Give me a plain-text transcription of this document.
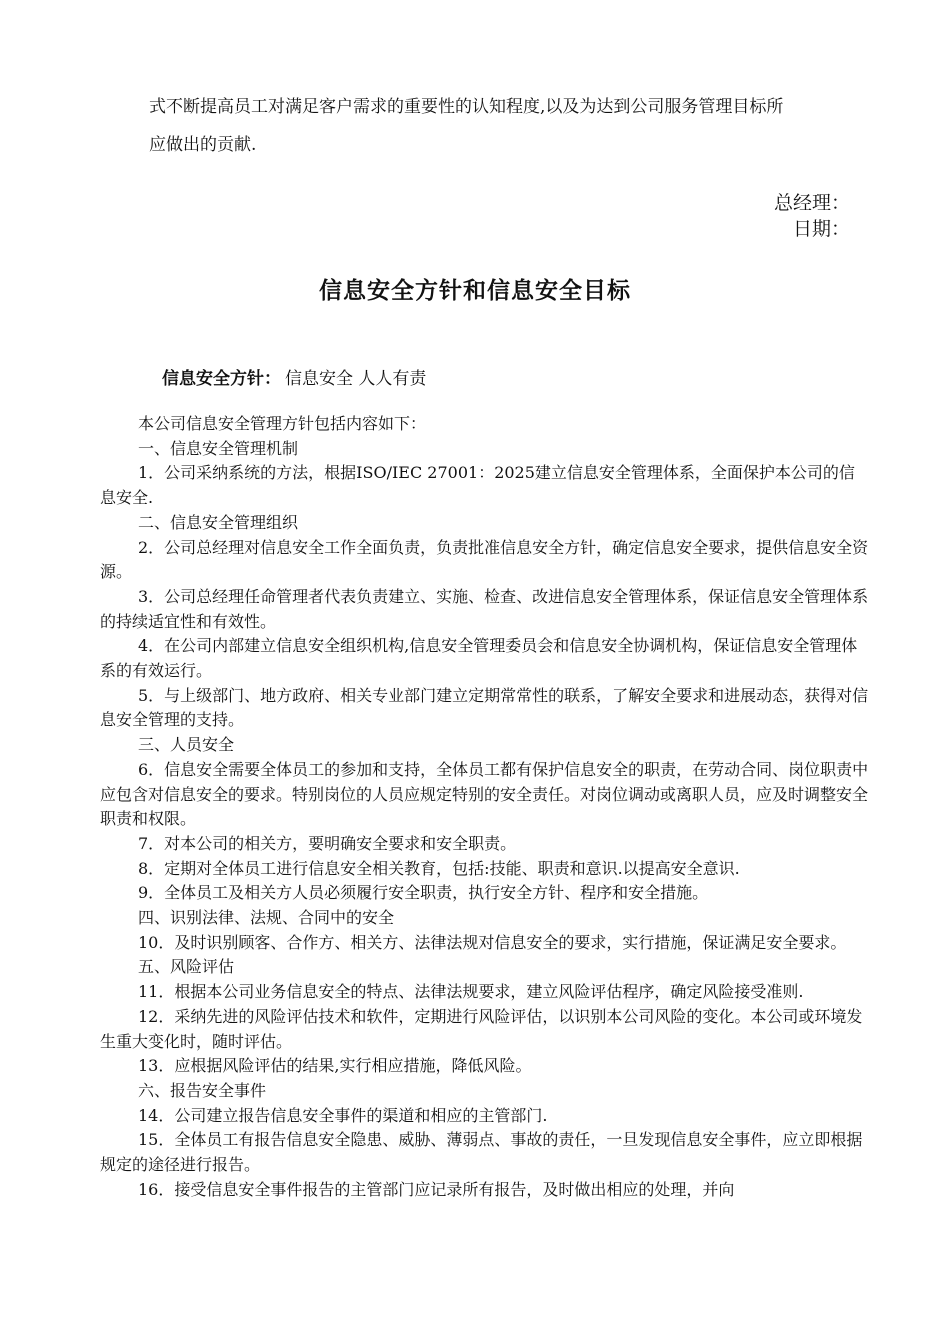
式不断提高员工对满足客户需求的重要性的认知程度,以及为达到公司服务管理目标所

应做出的贡献.

总经理：
日期：
信息安全方针和信息安全目标
信息安全方针： 信息安全 人人有责

本公司信息安全管理方针包括内容如下：

一、信息安全管理机制

1．公司采纳系统的方法，根据ISO/IEC 27001：2025建立信息安全管理体系，全面保护本公司的信息安全.

二、信息安全管理组织

2．公司总经理对信息安全工作全面负责，负责批准信息安全方针，确定信息安全要求，提供信息安全资源。

3．公司总经理任命管理者代表负责建立、实施、检查、改进信息安全管理体系，保证信息安全管理体系的持续适宜性和有效性。

4．在公司内部建立信息安全组织机构,信息安全管理委员会和信息安全协调机构，保证信息安全管理体系的有效运行。

5．与上级部门、地方政府、相关专业部门建立定期常常性的联系，了解安全要求和进展动态，获得对信息安全管理的支持。

三、人员安全

6．信息安全需要全体员工的参加和支持，全体员工都有保护信息安全的职责，在劳动合同、岗位职责中应包含对信息安全的要求。特别岗位的人员应规定特别的安全责任。对岗位调动或离职人员，应及时调整安全职责和权限。

7．对本公司的相关方，要明确安全要求和安全职责。

8．定期对全体员工进行信息安全相关教育，包括:技能、职责和意识.以提高安全意识.

9．全体员工及相关方人员必须履行安全职责，执行安全方针、程序和安全措施。

四、识别法律、法规、合同中的安全

10．及时识别顾客、合作方、相关方、法律法规对信息安全的要求，实行措施，保证满足安全要求。

五、风险评估

11．根据本公司业务信息安全的特点、法律法规要求，建立风险评估程序，确定风险接受准则.

12．采纳先进的风险评估技术和软件，定期进行风险评估，以识别本公司风险的变化。本公司或环境发生重大变化时，随时评估。

13．应根据风险评估的结果,实行相应措施，降低风险。

六、报告安全事件

14．公司建立报告信息安全事件的渠道和相应的主管部门.

15．全体员工有报告信息安全隐患、威胁、薄弱点、事故的责任，一旦发现信息安全事件，应立即根据规定的途径进行报告。

16．接受信息安全事件报告的主管部门应记录所有报告，及时做出相应的处理，并向
